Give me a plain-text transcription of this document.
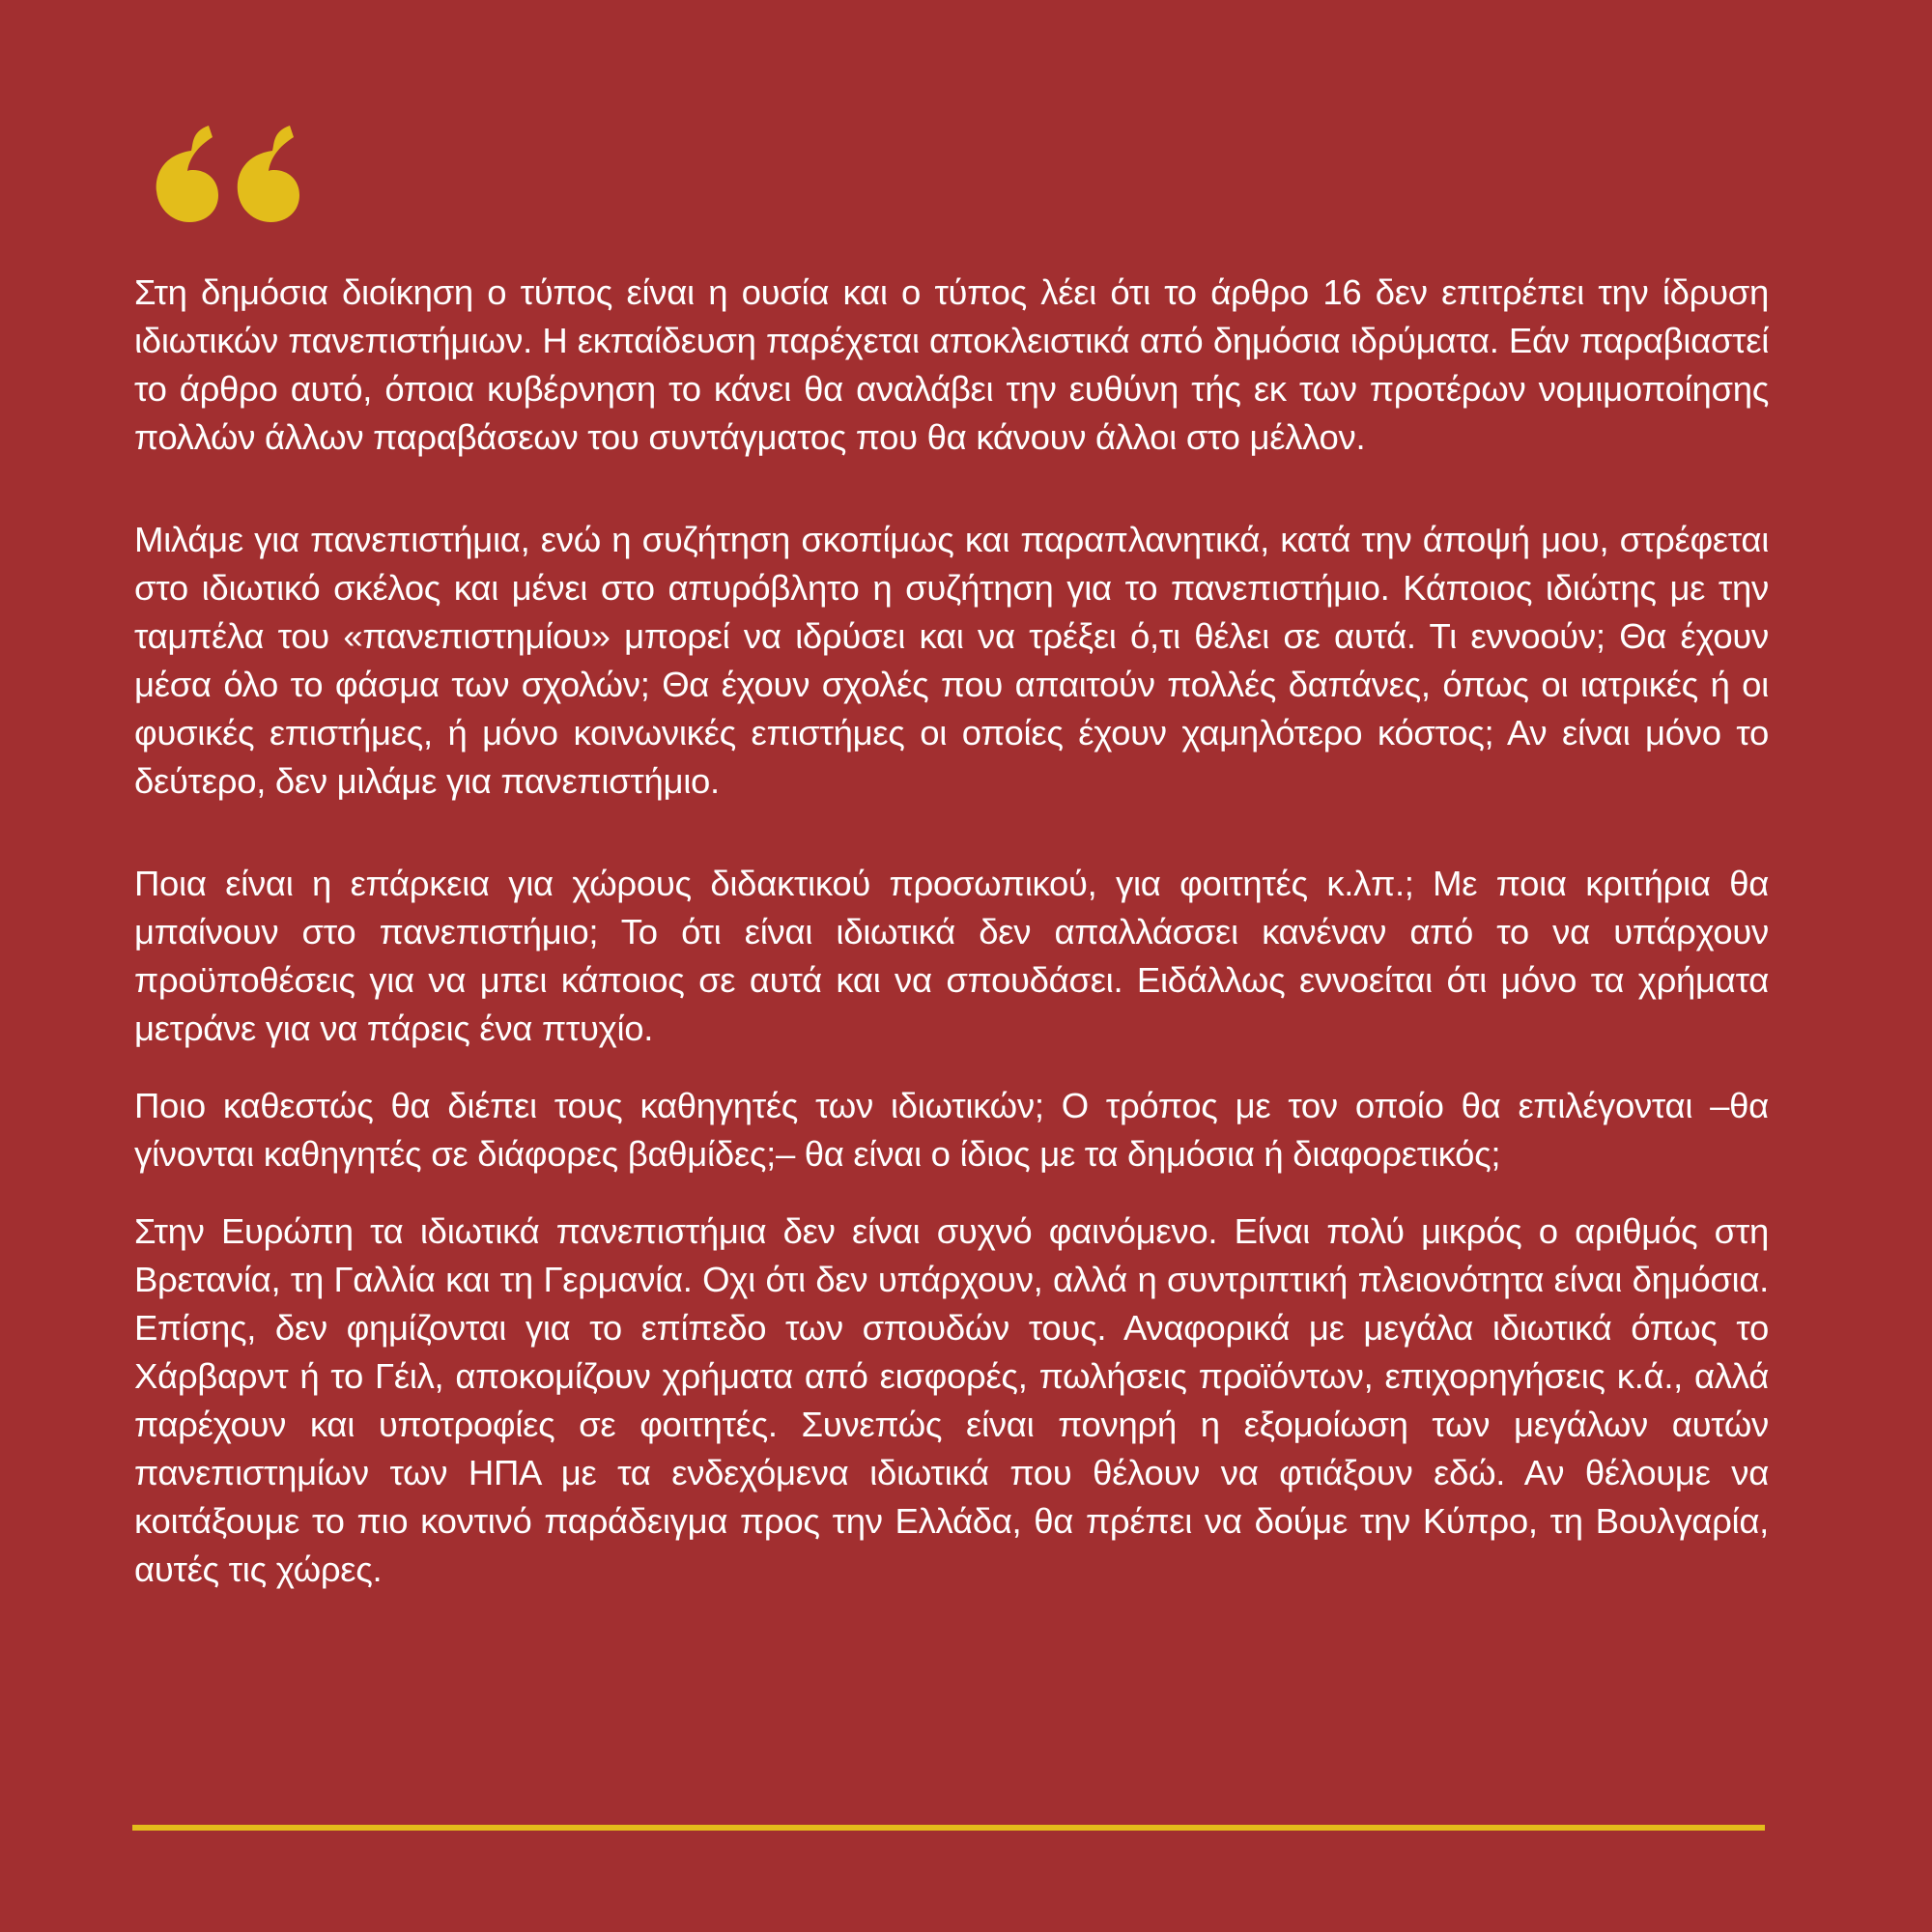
Στη δημόσια διοίκηση ο τύπος είναι η ουσία και ο τύπος λέει ότι το άρθρο 16 δεν επιτρέπει την ίδρυση ιδιωτικών πανεπιστήμιων. Η εκπαίδευση παρέχεται αποκλειστικά από δημόσια ιδρύματα. Εάν παραβιαστεί το άρθρο αυτό, όποια κυβέρνηση το κάνει θα αναλάβει την ευθύνη τής εκ των προτέρων νομιμοποίησης πολλών άλλων παραβάσεων του συντάγματος που θα κάνουν άλλοι στο μέλλον.

Μιλάμε για πανεπιστήμια, ενώ η συζήτηση σκοπίμως και παραπλανητικά, κατά την άποψή μου, στρέφεται στο ιδιωτικό σκέλος και μένει στο απυρόβλητο η συζήτηση για το πανεπιστήμιο. Κάποιος ιδιώτης με την ταμπέλα του «πανεπιστημίου» μπορεί να ιδρύσει και να τρέξει ό,τι θέλει σε αυτά. Τι εννοούν; Θα έχουν μέσα όλο το φάσμα των σχολών; Θα έχουν σχολές που απαιτούν πολλές δαπάνες, όπως οι ιατρικές ή οι φυσικές επιστήμες, ή μόνο κοινωνικές επιστήμες οι οποίες έχουν χαμηλότερο κόστος; Αν είναι μόνο το δεύτερο, δεν μιλάμε για πανεπιστήμιο.

Ποια είναι η επάρκεια για χώρους διδακτικού προσωπικού, για φοιτητές κ.λπ.; Με ποια κριτήρια θα μπαίνουν στο πανεπιστήμιο; Το ότι είναι ιδιωτικά δεν απαλλάσσει κανέναν από το να υπάρχουν προϋποθέσεις για να μπει κάποιος σε αυτά και να σπουδάσει. Ειδάλλως εννοείται ότι μόνο τα χρήματα μετράνε για να πάρεις ένα πτυχίο.

Ποιο καθεστώς θα διέπει τους καθηγητές των ιδιωτικών; Ο τρόπος με τον οποίο θα επιλέγονται –θα γίνονται καθηγητές σε διάφορες βαθμίδες;– θα είναι ο ίδιος με τα δημόσια ή διαφορετικός;

Στην Ευρώπη τα ιδιωτικά πανεπιστήμια δεν είναι συχνό φαινόμενο. Είναι πολύ μικρός ο αριθμός στη Βρετανία, τη Γαλλία και τη Γερμανία. Οχι ότι δεν υπάρχουν, αλλά η συντριπτική πλειονότητα είναι δημόσια. Επίσης, δεν φημίζονται για το επίπεδο των σπουδών τους. Αναφορικά με μεγάλα ιδιωτικά όπως το Χάρβαρντ ή το Γέιλ, αποκομίζουν χρήματα από εισφορές, πωλήσεις προϊόντων, επιχορηγήσεις κ.ά., αλλά παρέχουν και υποτροφίες σε φοιτητές. Συνεπώς είναι πονηρή η εξομοίωση των μεγάλων αυτών πανεπιστημίων των ΗΠΑ με τα ενδεχόμενα ιδιωτικά που θέλουν να φτιάξουν εδώ. Αν θέλουμε να κοιτάξουμε το πιο κοντινό παράδειγμα προς την Ελλάδα, θα πρέπει να δούμε την Κύπρο, τη Βουλγαρία, αυτές τις χώρες.
